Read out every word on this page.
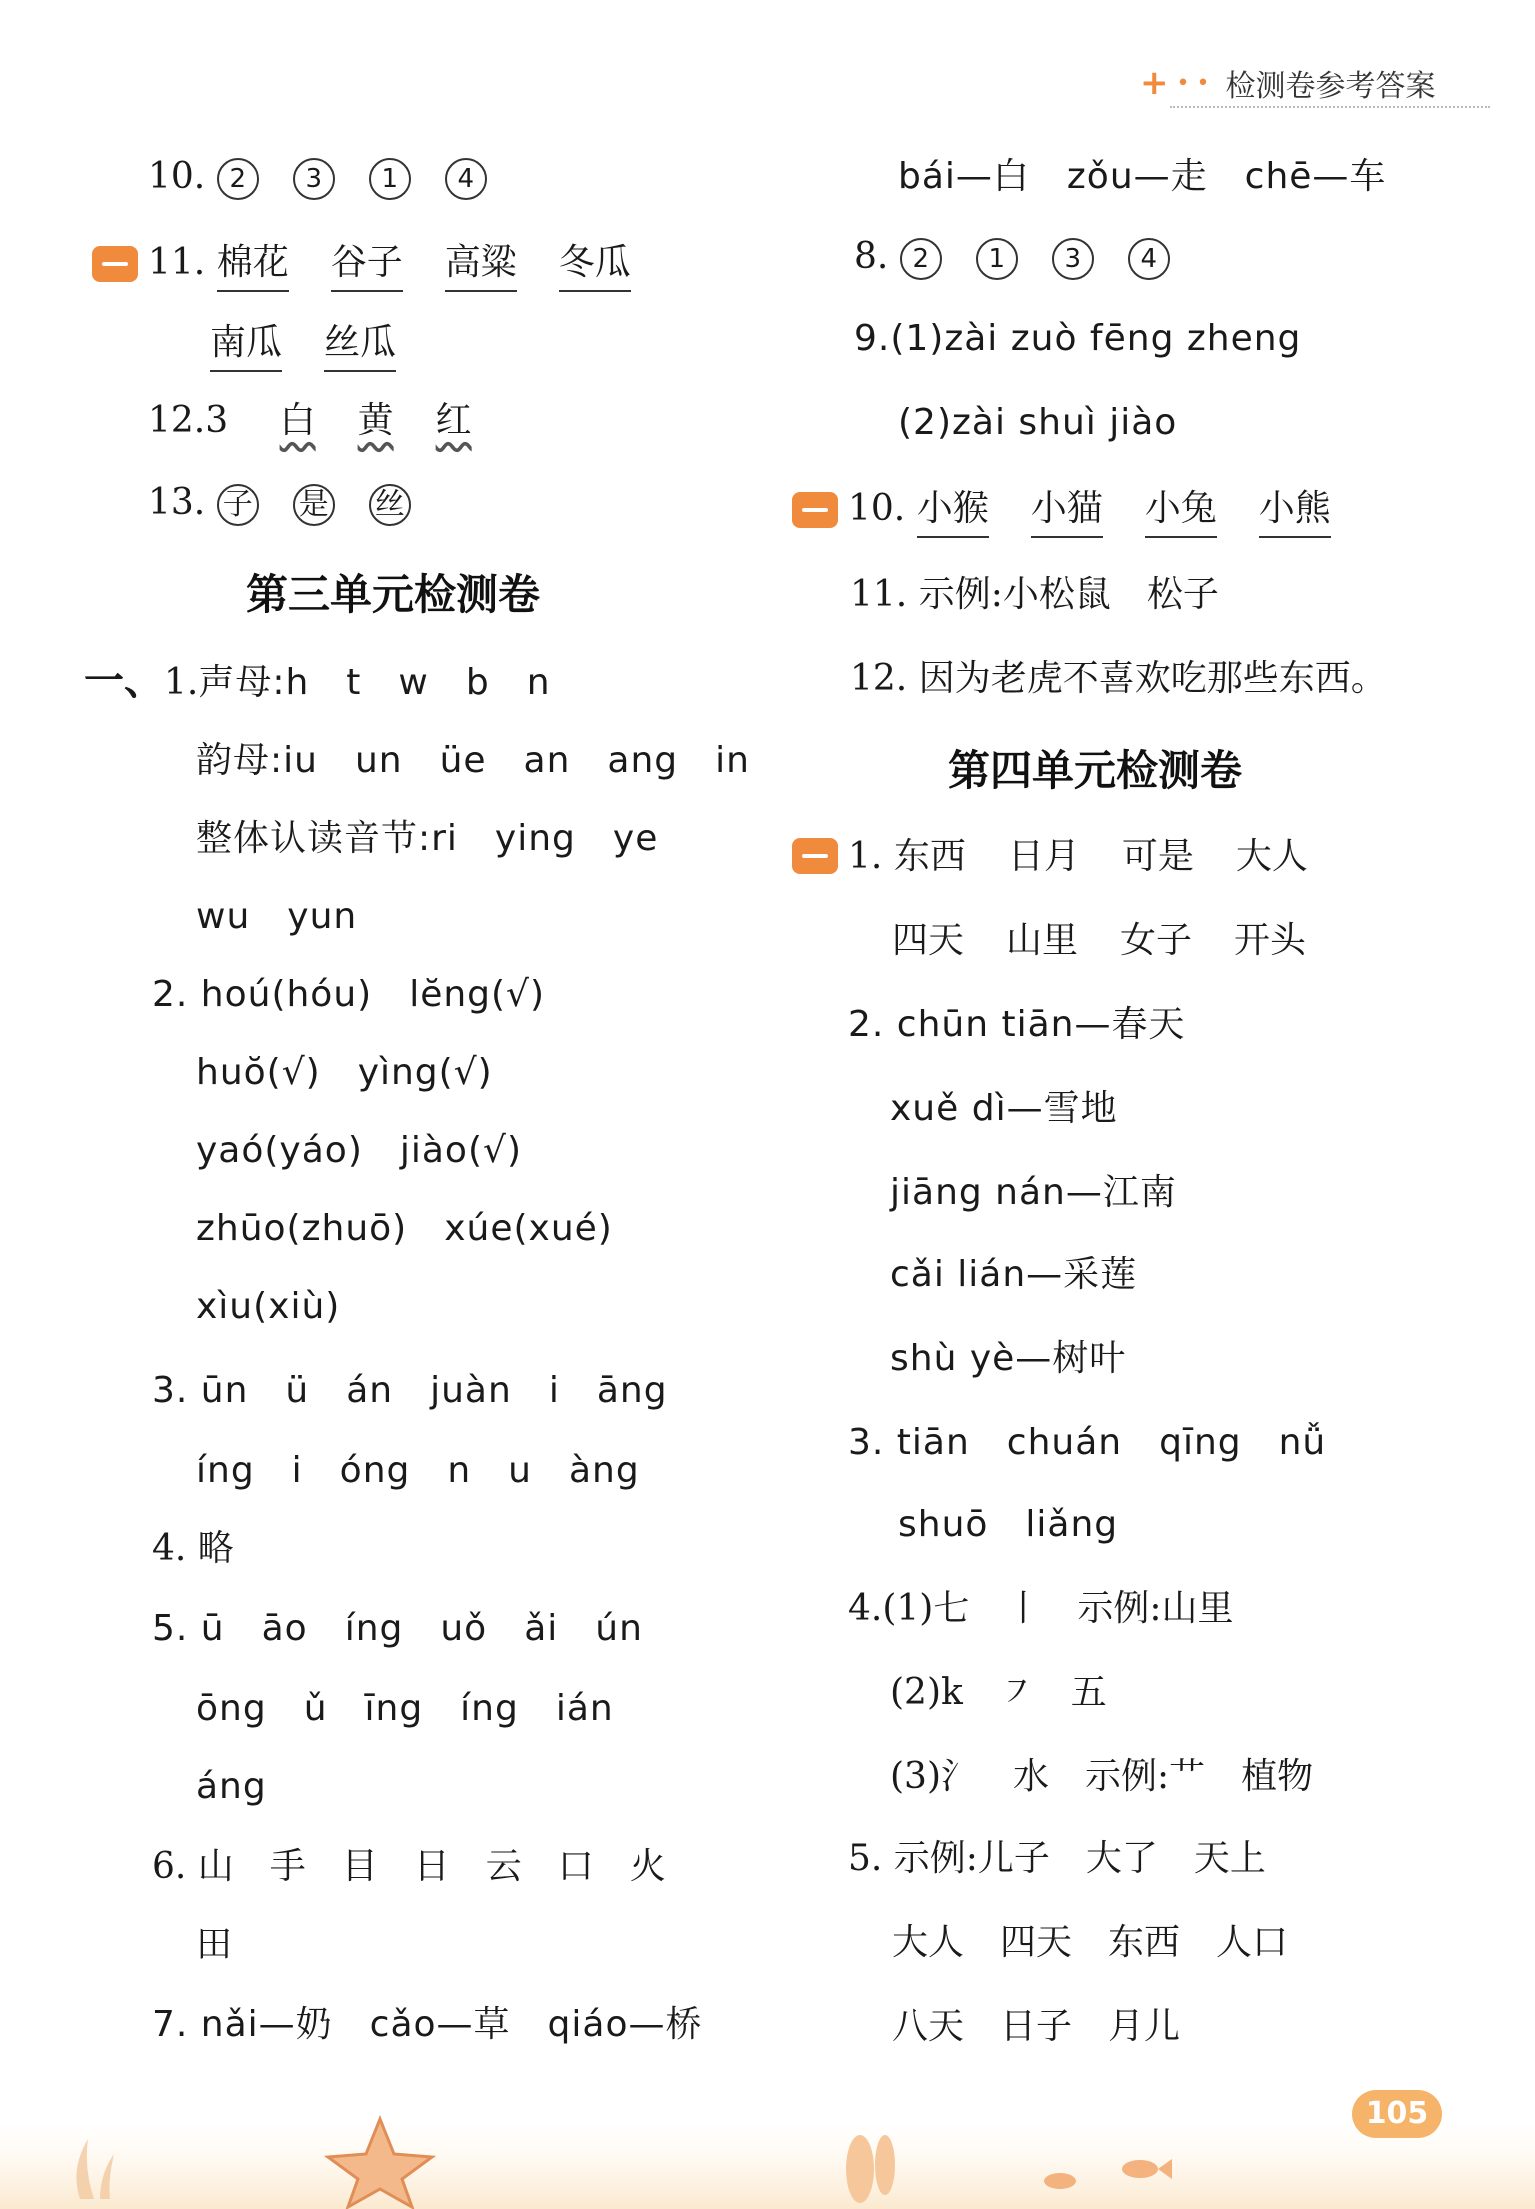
+ • • 检测卷参考答案
10. 2 3 1 4
11. 棉花 谷子 高粱 冬瓜
南瓜 丝瓜
12.3 白 黄 红
13. 子 是 丝
第三单元检测卷
一、1.声母:h　t　w　b　n
韵母:iu　un　üe　an　ang　in
整体认读音节:ri　ying　ye
wu　yun
2. hoú(hóu)　lĕng(√)
huŏ(√)　yìng(√)
yaó(yáo)　jiào(√)
zhūo(zhuō)　xúe(xué)
xìu(xiù)
3. ūn　ü　án　juàn　i　āng
íng　i　óng　n　u　àng
4. 略
5. ū　āo　íng　uǒ　ǎi　ún
ōng　ǔ　īng　íng　ián
áng
6. 山　手　目　日　云　口　火
田
7. nǎi—奶　cǎo—草　qiáo—桥
bái—白　zǒu—走　chē—车
8. 2 1 3 4
9.(1)zài zuò fēng zheng
(2)zài shuì jiào
10. 小猴 小猫 小兔 小熊
11. 示例:小松鼠　松子
12. 因为老虎不喜欢吃那些东西。
第四单元检测卷
1. 东西 日月 可是 大人
四天 山里 女子 开头
2. chūn tiān—春天
xuě dì—雪地
jiāng nán—江南
cǎi lián—采莲
shù yè—树叶
3. tiān　chuán　qīng　nǚ
shuō　liǎng
4.(1)七　丨　示例:山里
(2)k　㇇　五
(3)氵　水　示例:艹　植物
5. 示例:儿子　大了　天上
大人　四天　东西　人口
八天　日子　月儿
105
